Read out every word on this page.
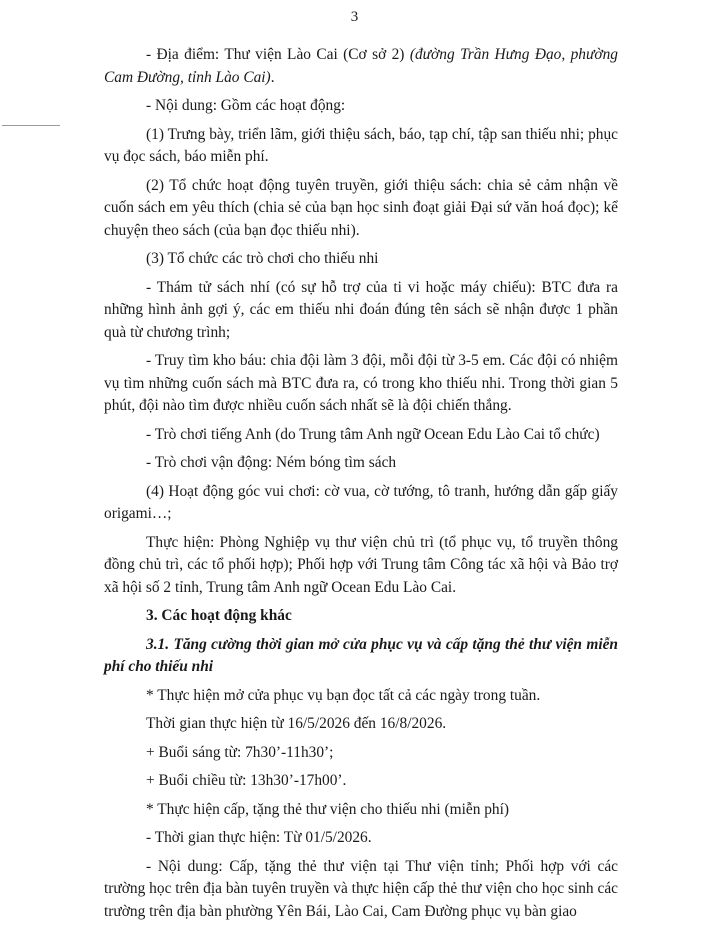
3

- Địa điểm: Thư viện Lào Cai (Cơ sở 2) (đường Trần Hưng Đạo, phường Cam Đường, tỉnh Lào Cai).

- Nội dung: Gồm các hoạt động:

(1) Trưng bày, triển lãm, giới thiệu sách, báo, tạp chí, tập san thiếu nhi; phục vụ đọc sách, báo miễn phí.

(2) Tổ chức hoạt động tuyên truyền, giới thiệu sách: chia sẻ cảm nhận về cuốn sách em yêu thích (chia sẻ của bạn học sinh đoạt giải Đại sứ văn hoá đọc); kể chuyện theo sách (của bạn đọc thiếu nhi).

(3) Tổ chức các trò chơi cho thiếu nhi

- Thám tử sách nhí (có sự hỗ trợ của ti vi hoặc máy chiếu): BTC đưa ra những hình ảnh gợi ý, các em thiếu nhi đoán đúng tên sách sẽ nhận được 1 phần quà từ chương trình;

- Truy tìm kho báu: chia đội làm 3 đội, mỗi đội từ 3-5 em. Các đội có nhiệm vụ tìm những cuốn sách mà BTC đưa ra, có trong kho thiếu nhi. Trong thời gian 5 phút, đội nào tìm được nhiều cuốn sách nhất sẽ là đội chiến thắng.

- Trò chơi tiếng Anh (do Trung tâm Anh ngữ Ocean Edu Lào Cai tổ chức)

- Trò chơi vận động: Ném bóng tìm sách

(4) Hoạt động góc vui chơi: cờ vua, cờ tướng, tô tranh, hướng dẫn gấp giấy origami…;

Thực hiện: Phòng Nghiệp vụ thư viện chủ trì (tổ phục vụ, tổ truyền thông đồng chủ trì, các tổ phối hợp); Phối hợp với Trung tâm Công tác xã hội và Bảo trợ xã hội số 2 tỉnh, Trung tâm Anh ngữ Ocean Edu Lào Cai.

3. Các hoạt động khác

3.1. Tăng cường thời gian mở cửa phục vụ và cấp tặng thẻ thư viện miễn phí cho thiếu nhi

* Thực hiện mở cửa phục vụ bạn đọc tất cả các ngày trong tuần.

Thời gian thực hiện từ 16/5/2026 đến 16/8/2026.

+ Buổi sáng từ: 7h30’-11h30’;

+ Buổi chiều từ: 13h30’-17h00’.

* Thực hiện cấp, tặng thẻ thư viện cho thiếu nhi (miễn phí)

- Thời gian thực hiện: Từ 01/5/2026.

- Nội dung: Cấp, tặng thẻ thư viện tại Thư viện tỉnh; Phối hợp với các trường học trên địa bàn tuyên truyền và thực hiện cấp thẻ thư viện cho học sinh các trường trên địa bàn phường Yên Bái, Lào Cai, Cam Đường phục vụ bàn giao
